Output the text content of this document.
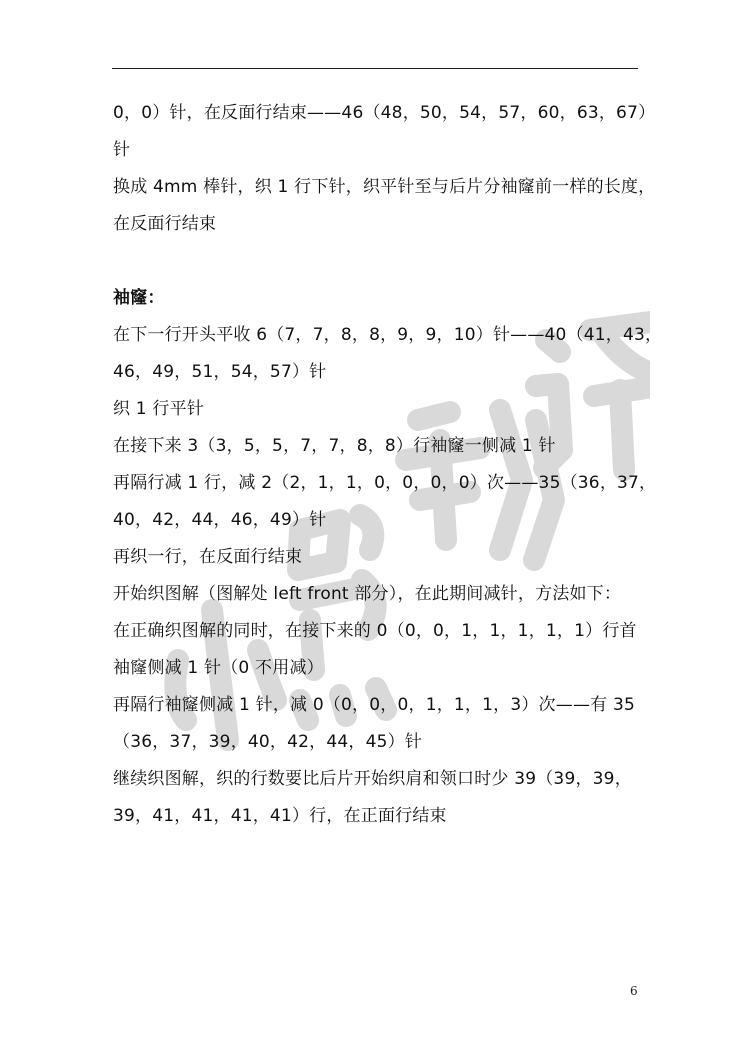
0，0）针，在反面行结束——46（48，50，54，57，60，63，67）
针
换成 4mm 棒针，织 1 行下针，织平针至与后片分袖窿前一样的长度，
在反面行结束
袖窿：
在下一行开头平收 6（7，7，8，8，9，9，10）针——40（41，43，
46，49，51，54，57）针
织 1 行平针
在接下来 3（3，5，5，7，7，8，8）行袖窿一侧减 1 针
再隔行减 1 行，减 2（2，1，1，0，0，0，0）次——35（36，37，
40，42，44，46，49）针
再织一行，在反面行结束
开始织图解（图解处 left front 部分），在此期间减针，方法如下：
在正确织图解的同时，在接下来的 0（0，0，1，1，1，1，1）行首
袖窿侧减 1 针（0 不用减）
再隔行袖窿侧减 1 针，减 0（0，0，0，1，1，1，3）次——有 35
（36，37，39，40，42，44，45）针
继续织图解，织的行数要比后片开始织肩和领口时少 39（39，39，
39，41，41，41，41）行，在正面行结束
6
